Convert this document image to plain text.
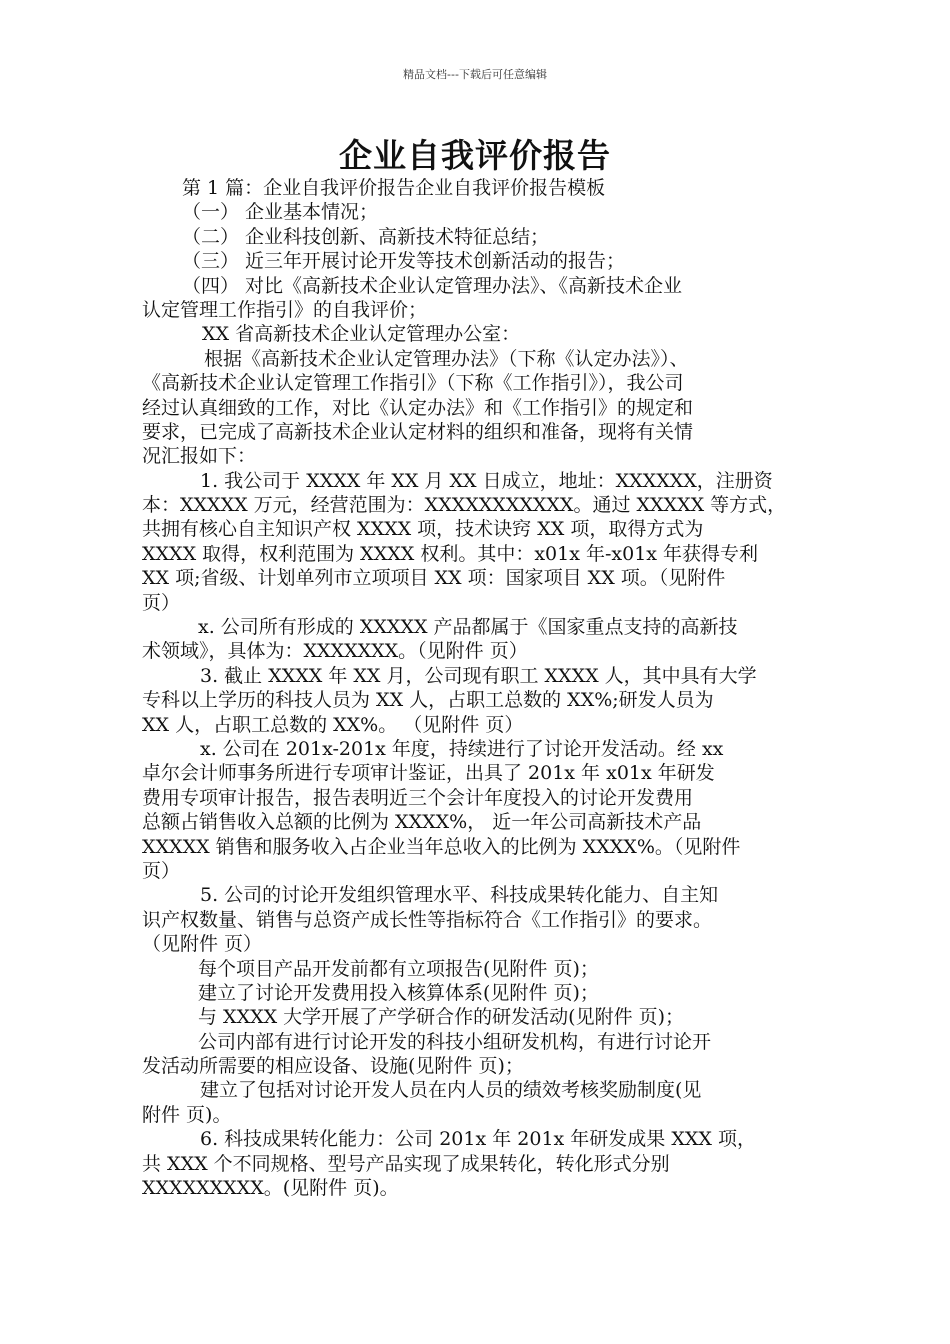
精品文档---下载后可任意编辑
企业自我评价报告
第 1 篇：企业自我评价报告企业自我评价报告模板
（一） 企业基本情况；
（二） 企业科技创新、高新技术特征总结；
（三） 近三年开展讨论开发等技术创新活动的报告；
（四） 对比《高新技术企业认定管理办法》、《高新技术企业
认定管理工作指引》的自我评价；
XX 省高新技术企业认定管理办公室：
根据《高新技术企业认定管理办法》（下称《认定办法》）、
《高新技术企业认定管理工作指引》（下称《工作指引》），我公司
经过认真细致的工作，对比《认定办法》和《工作指引》的规定和
要求，已完成了高新技术企业认定材料的组织和准备，现将有关情
况汇报如下：
1. 我公司于 XXXX 年 XX 月 XX 日成立，地址：XXXXXX，注册资
本：XXXXX 万元，经营范围为：XXXXXXXXXXX。通过 XXXXX 等方式，
共拥有核心自主知识产权 XXXX 项，技术诀窍 XX 项，取得方式为
XXXX 取得，权利范围为 XXXX 权利。其中：x01x 年-x01x 年获得专利
XX 项;省级、计划单列市立项项目 XX 项：国家项目 XX 项。（见附件
页）
x. 公司所有形成的 XXXXX 产品都属于《国家重点支持的高新技
术领域》，具体为：XXXXXXX。（见附件 页）
3. 截止 XXXX 年 XX 月，公司现有职工 XXXX 人，其中具有大学
专科以上学历的科技人员为 XX 人，占职工总数的 XX%;研发人员为
XX 人，占职工总数的 XX%。 （见附件 页）
x. 公司在 201x-201x 年度，持续进行了讨论开发活动。经 xx
卓尔会计师事务所进行专项审计鉴证，出具了 201x 年 x01x 年研发
费用专项审计报告，报告表明近三个会计年度投入的讨论开发费用
总额占销售收入总额的比例为 XXXX%， 近一年公司高新技术产品
XXXXX 销售和服务收入占企业当年总收入的比例为 XXXX%。（见附件
页）
5. 公司的讨论开发组织管理水平、科技成果转化能力、自主知
识产权数量、销售与总资产成长性等指标符合《工作指引》的要求。
（见附件 页）
每个项目产品开发前都有立项报告(见附件 页)；
建立了讨论开发费用投入核算体系(见附件 页)；
与 XXXX 大学开展了产学研合作的研发活动(见附件 页)；
公司内部有进行讨论开发的科技小组研发机构，有进行讨论开
发活动所需要的相应设备、设施(见附件 页)；
建立了包括对讨论开发人员在内人员的绩效考核奖励制度(见
附件 页)。
6. 科技成果转化能力：公司 201x 年 201x 年研发成果 XXX 项，
共 XXX 个不同规格、型号产品实现了成果转化，转化形式分别
XXXXXXXXX。(见附件 页)。
